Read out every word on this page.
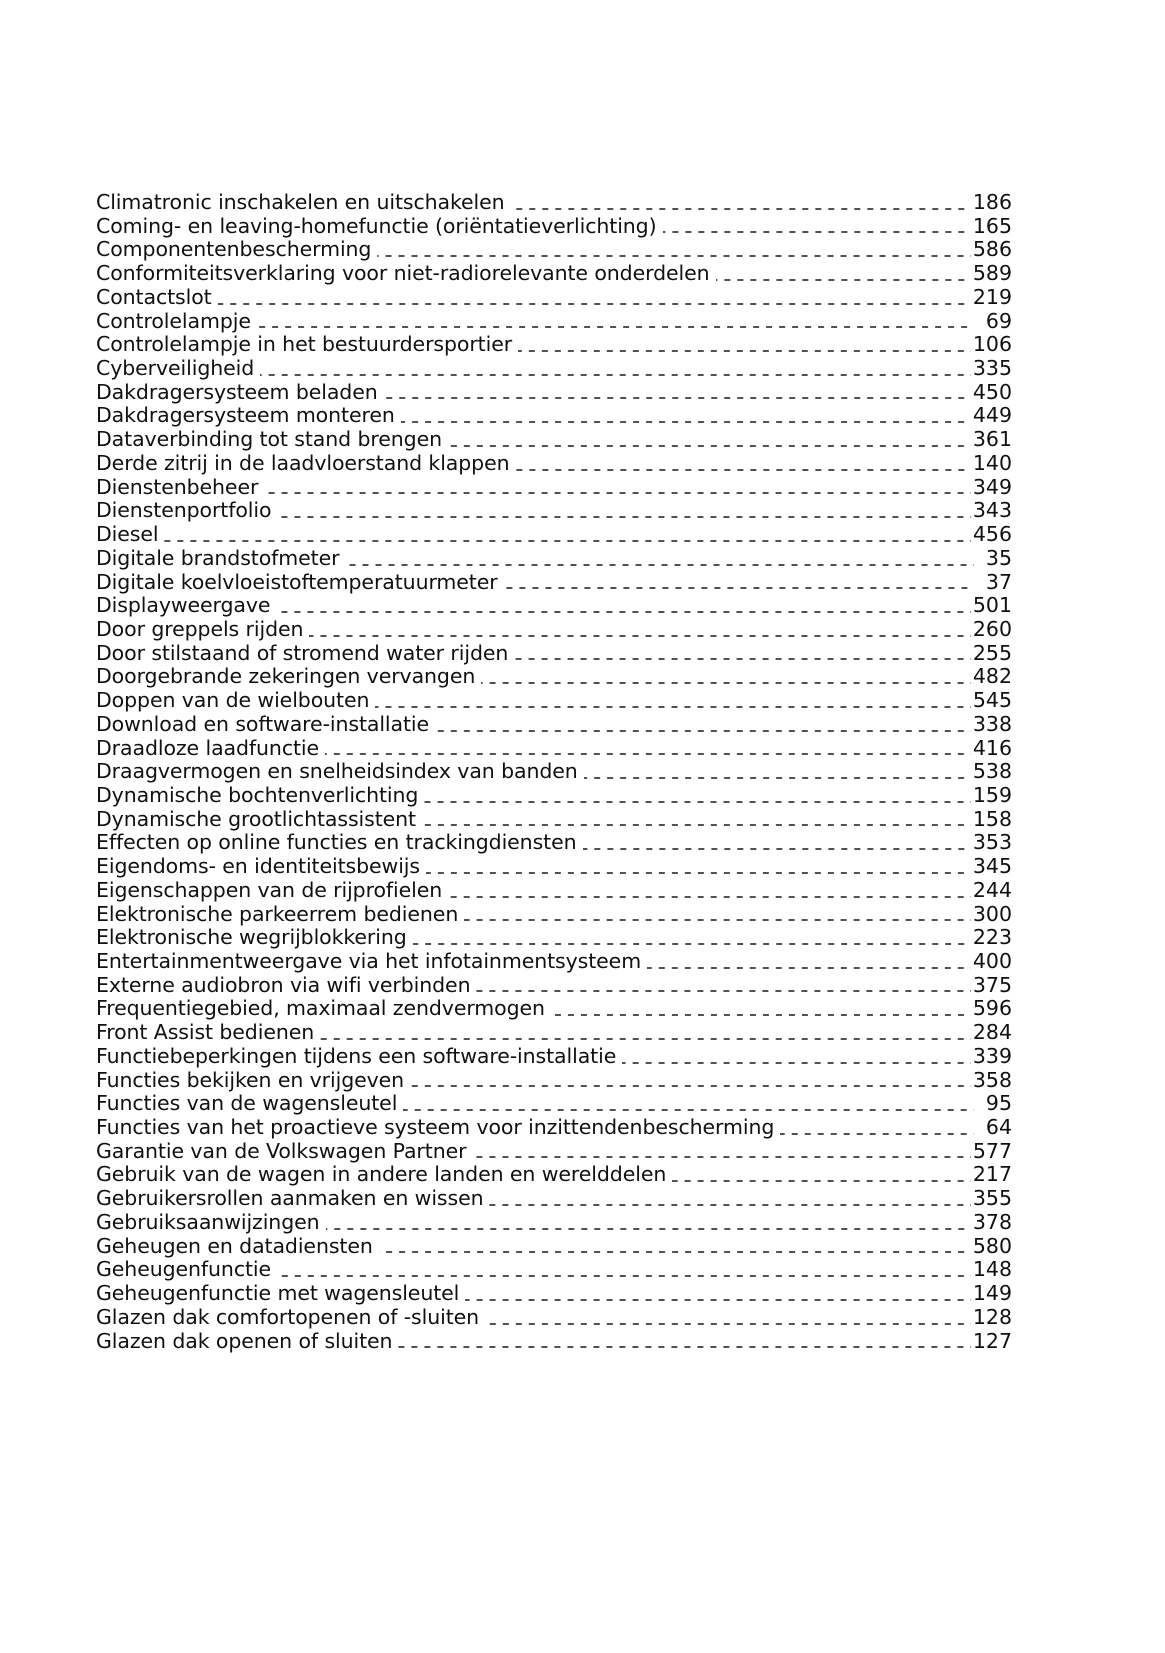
Climatronic inschakelen en uitschakelen	186
Coming- en leaving-homefunctie (oriëntatieverlichting)	165
Componentenbescherming	586
Conformiteitsverklaring voor niet-radiorelevante onderdelen	589
Contactslot	219
Controlelampje	69
Controlelampje in het bestuurdersportier	106
Cyberveiligheid	335
Dakdragersysteem beladen	450
Dakdragersysteem monteren	449
Dataverbinding tot stand brengen	361
Derde zitrij in de laadvloerstand klappen	140
Dienstenbeheer	349
Dienstenportfolio	343
Diesel	456
Digitale brandstofmeter	35
Digitale koelvloeistoftemperatuurmeter	37
Displayweergave	501
Door greppels rijden	260
Door stilstaand of stromend water rijden	255
Doorgebrande zekeringen vervangen	482
Doppen van de wielbouten	545
Download en software-installatie	338
Draadloze laadfunctie	416
Draagvermogen en snelheidsindex van banden	538
Dynamische bochtenverlichting	159
Dynamische grootlichtassistent	158
Effecten op online functies en trackingdiensten	353
Eigendoms- en identiteitsbewijs	345
Eigenschappen van de rijprofielen	244
Elektronische parkeerrem bedienen	300
Elektronische wegrijblokkering	223
Entertainmentweergave via het infotainmentsysteem	400
Externe audiobron via wifi verbinden	375
Frequentiegebied, maximaal zendvermogen	596
Front Assist bedienen	284
Functiebeperkingen tijdens een software-installatie	339
Functies bekijken en vrijgeven	358
Functies van de wagensleutel	95
Functies van het proactieve systeem voor inzittendenbescherming	64
Garantie van de Volkswagen Partner	577
Gebruik van de wagen in andere landen en werelddelen	217
Gebruikersrollen aanmaken en wissen	355
Gebruiksaanwijzingen	378
Geheugen en datadiensten	580
Geheugenfunctie	148
Geheugenfunctie met wagensleutel	149
Glazen dak comfortopenen of -sluiten	128
Glazen dak openen of sluiten	127
